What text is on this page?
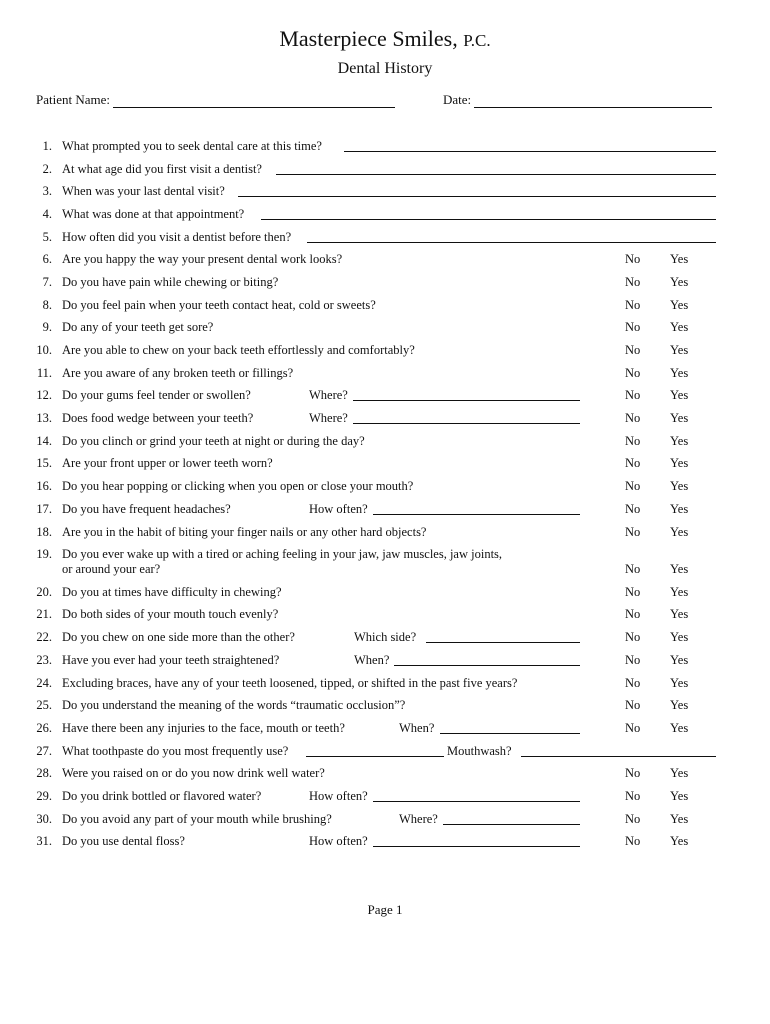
Masterpiece Smiles, P.C.
Dental History
Patient Name:	Date:
1. What prompted you to seek dental care at this time?
2. At what age did you first visit a dentist?
3. When was your last dental visit?
4. What was done at that appointment?
5. How often did you visit a dentist before then?
6. Are you happy the way your present dental work looks?	No Yes
7. Do you have pain while chewing or biting?	No Yes
8. Do you feel pain when your teeth contact heat, cold or sweets?	No Yes
9. Do any of your teeth get sore?	No Yes
10. Are you able to chew on your back teeth effortlessly and comfortably?	No Yes
11. Are you aware of any broken teeth or fillings?	No Yes
12. Do your gums feel tender or swollen?	Where?	No Yes
13. Does food wedge between your teeth?	Where?	No Yes
14. Do you clinch or grind your teeth at night or during the day?	No Yes
15. Are your front upper or lower teeth worn?	No Yes
16. Do you hear popping or clicking when you open or close your mouth?	No Yes
17. Do you have frequent headaches?	How often?	No Yes
18. Are you in the habit of biting your finger nails or any other hard objects?	No Yes
19. Do you ever wake up with a tired or aching feeling in your jaw, jaw muscles, jaw joints,
or around your ear?	No Yes
20. Do you at times have difficulty in chewing?	No Yes
21. Do both sides of your mouth touch evenly?	No Yes
22. Do you chew on one side more than the other?	Which side?	No Yes
23. Have you ever had your teeth straightened?	When?	No Yes
24. Excluding braces, have any of your teeth loosened, tipped, or shifted in the past five years?	No Yes
25. Do you understand the meaning of the words “traumatic occlusion”?	No Yes
26. Have there been any injuries to the face, mouth or teeth?	When?	No Yes
27. What toothpaste do you most frequently use?	Mouthwash?
28. Were you raised on or do you now drink well water?	No Yes
29. Do you drink bottled or flavored water?	How often?	No Yes
30. Do you avoid any part of your mouth while brushing?	Where?	No Yes
31. Do you use dental floss?	How often?	No Yes
Page 1
